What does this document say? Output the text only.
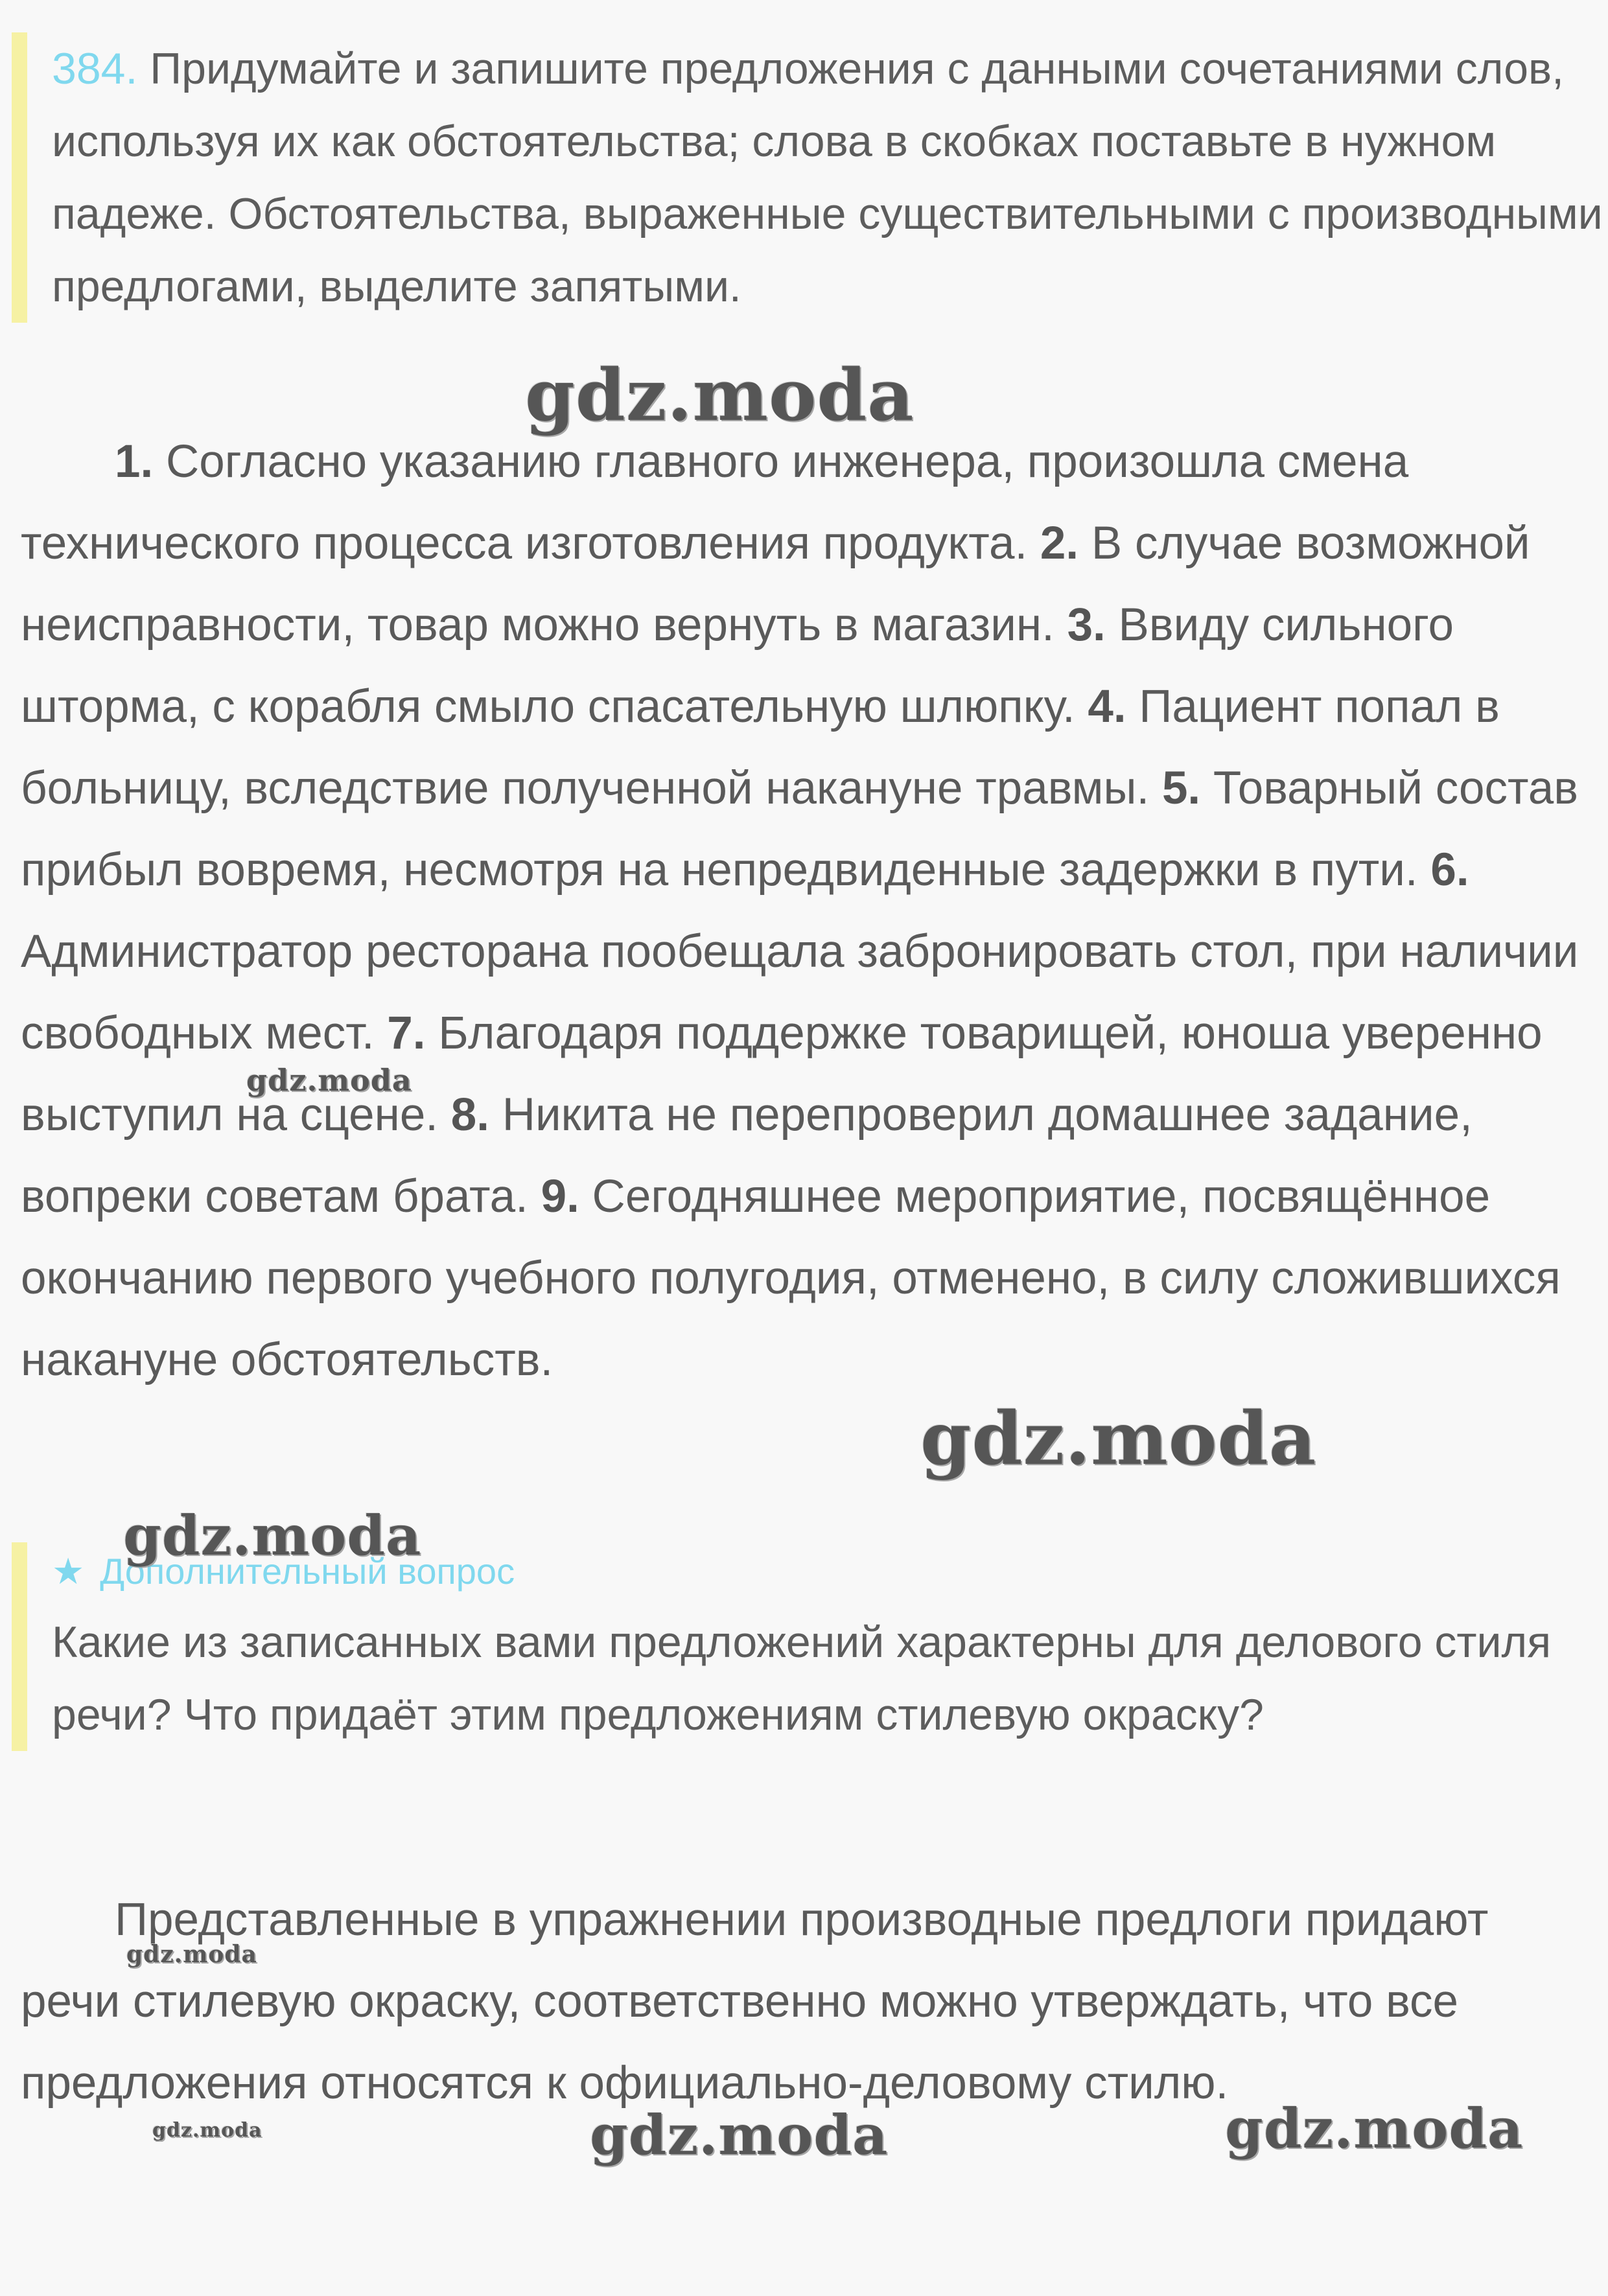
384. Придумайте и запишите предложения с данными сочетаниями слов, используя их как обстоятельства; слова в скобках поставьте в нужном падеже. Обстоятельства, выраженные существительными с производными предлогами, выделите запятыми.

1. Согласно указанию главного инженера, произошла смена технического процесса изготовления продукта. 2. В случае возможной неисправности, товар можно вернуть в магазин. 3. Ввиду сильного шторма, с корабля смыло спасательную шлюпку. 4. Пациент попал в больницу, вследствие полученной накануне травмы. 5. Товарный состав прибыл вовремя, несмотря на непредвиденные задержки в пути. 6. Администратор ресторана пообещала забронировать стол, при наличии свободных мест. 7. Благодаря поддержке товарищей, юноша уверенно выступил на сцене. 8. Никита не перепроверил домашнее задание, вопреки советам брата. 9. Сегодняшнее мероприятие, посвящённое окончанию первого учебного полугодия, отменено, в силу сложившихся накануне обстоятельств.

★ Дополнительный вопрос
Какие из записанных вами предложений характерны для делового стиля речи? Что придаёт этим предложениям стилевую окраску?

Представленные в упражнении производные предлоги придают речи стилевую окраску, соответственно можно утверждать, что все предложения относятся к официально-деловому стилю.

gdz.moda
gdz.moda
gdz.moda
gdz.moda
gdz.moda
gdz.moda	gdz.moda	gdz.moda
